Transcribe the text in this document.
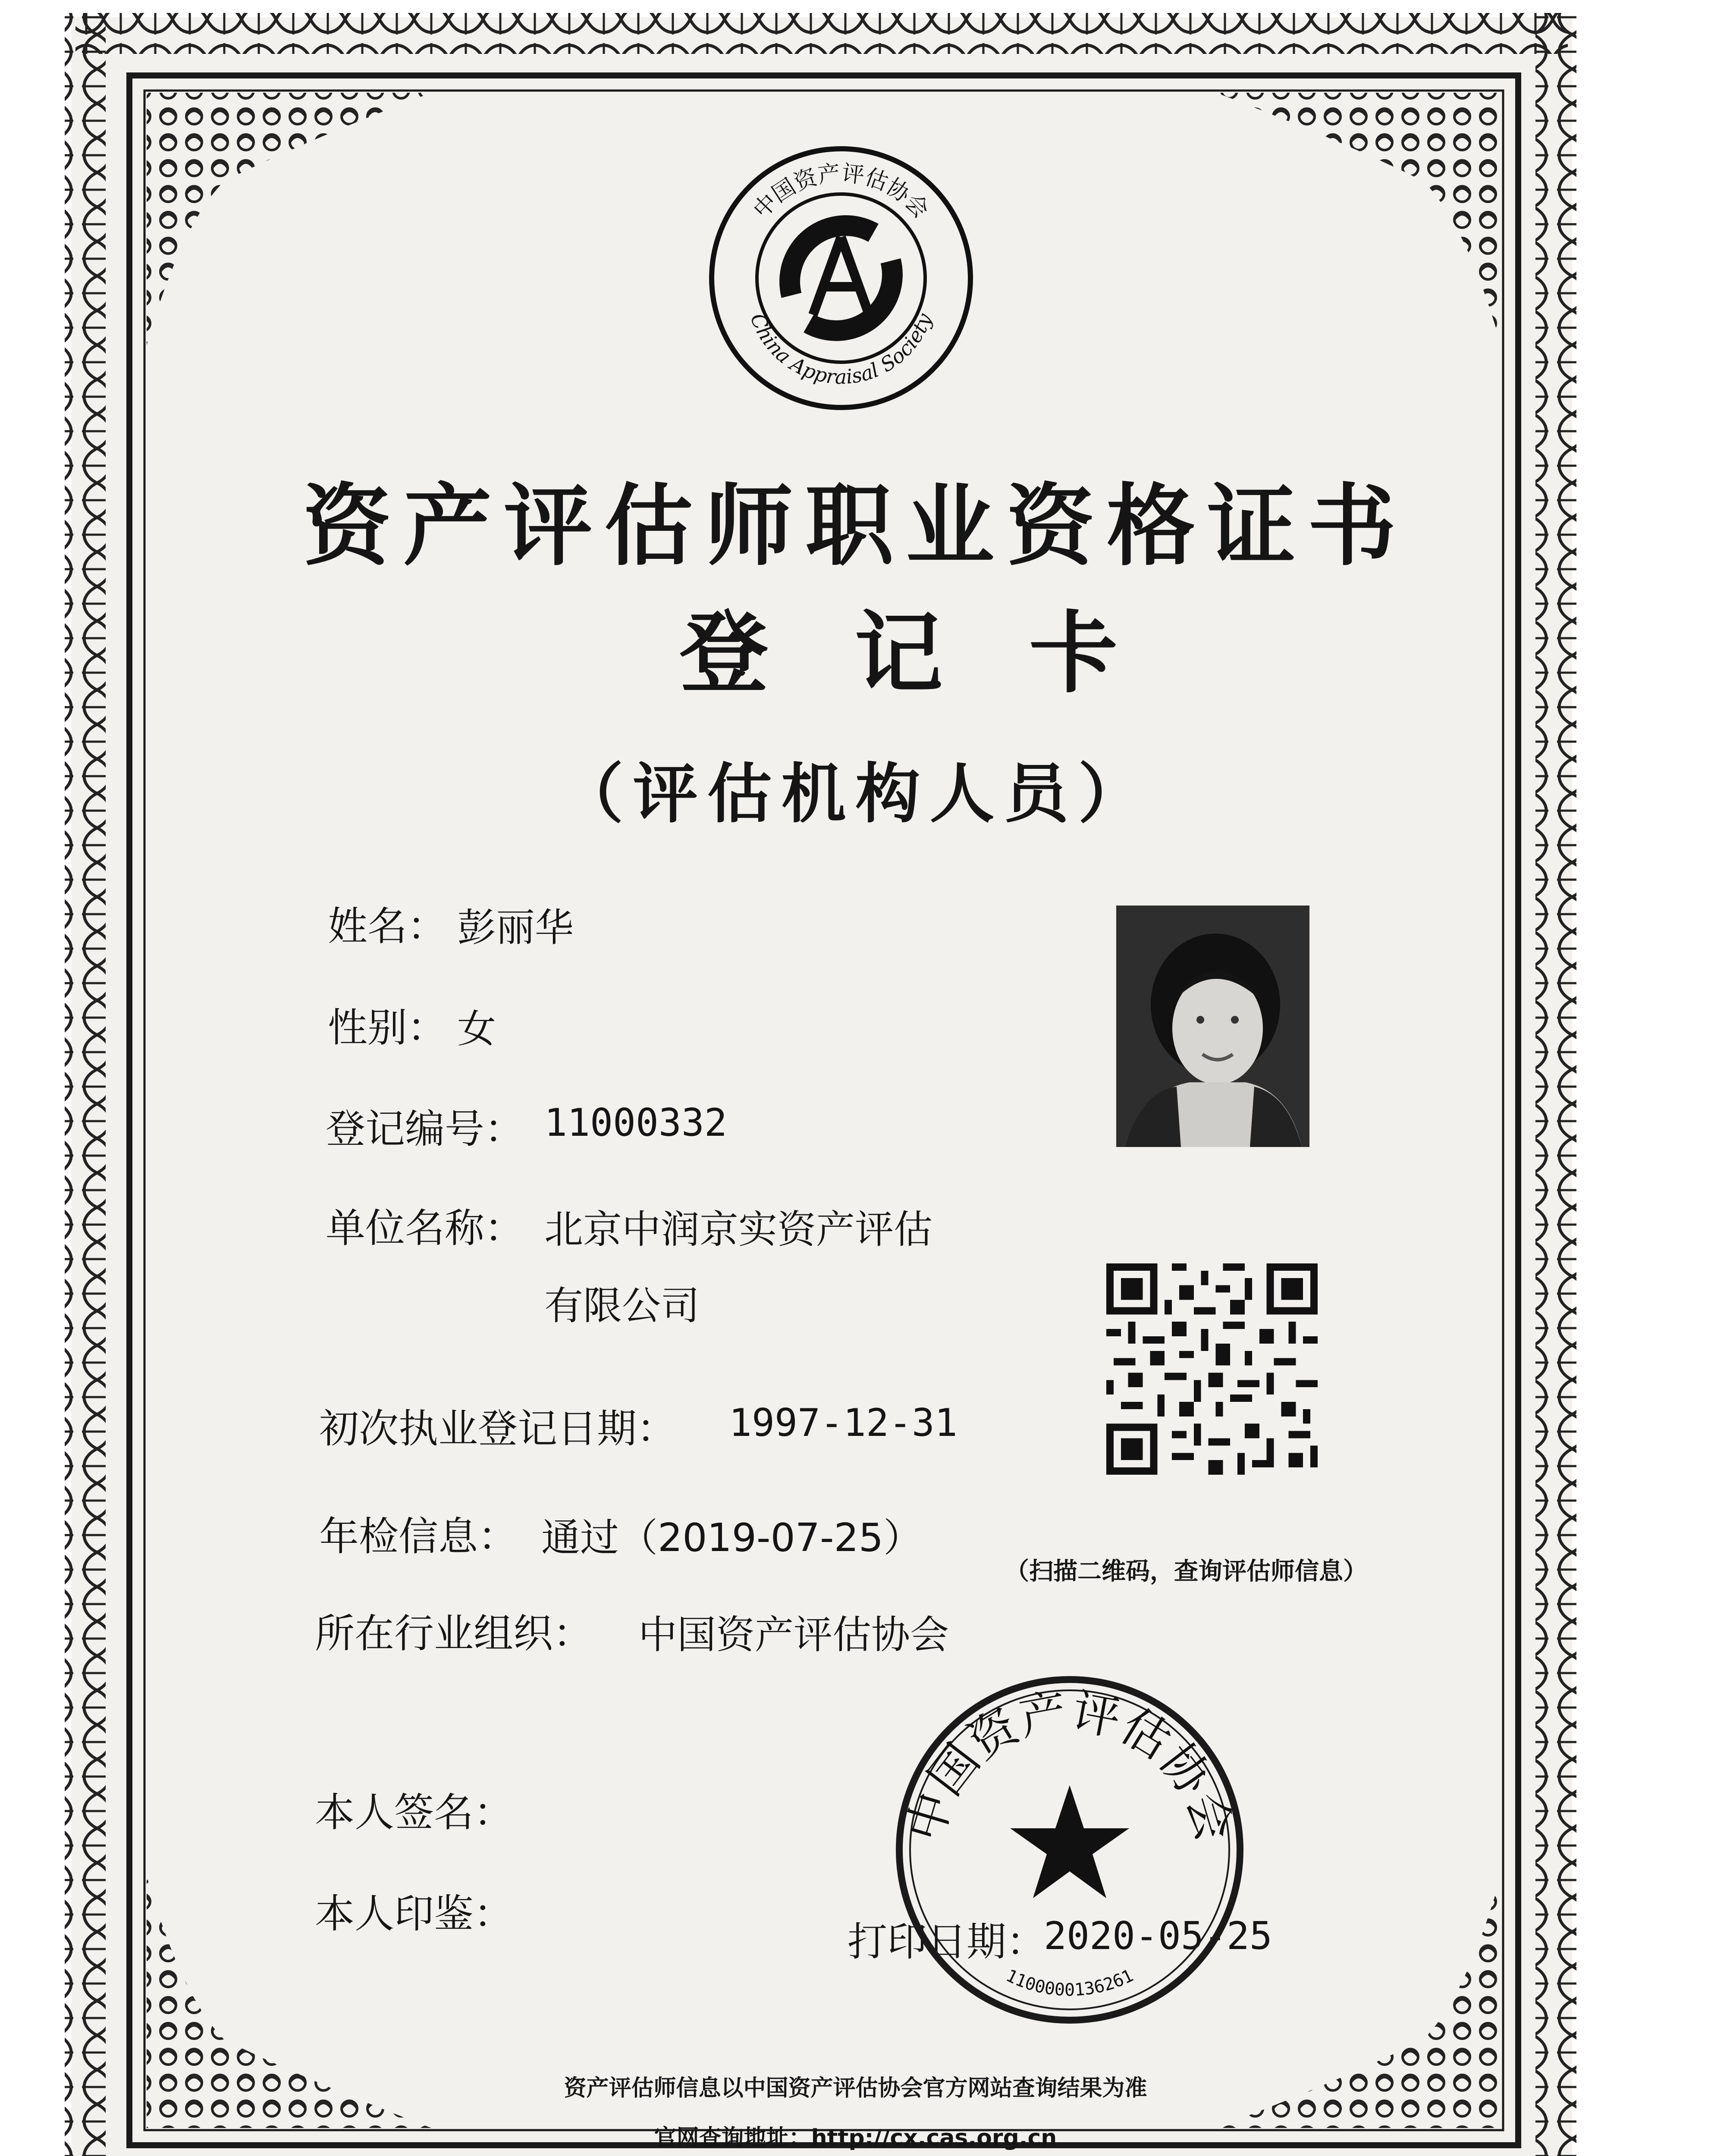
中国资产评估协会
China Appraisal Society
资产评估师职业资格证书
登记卡
（评估机构人员）
姓名： 彭丽华
性别： 女
登记编号： 11000332
单位名称： 北京中润京实资产评估
有限公司
初次执业登记日期： 1997-12-31
年检信息： 通过（2019-07-25）
所在行业组织： 中国资产评估协会
本人签名：
本人印鉴：
（扫描二维码，查询评估师信息）
打印日期：
2020-05-25
中国资产评估协会
1100000136261
资产评估师信息以中国资产评估协会官方网站查询结果为准
官网查询地址：http://cx.cas.org.cn
